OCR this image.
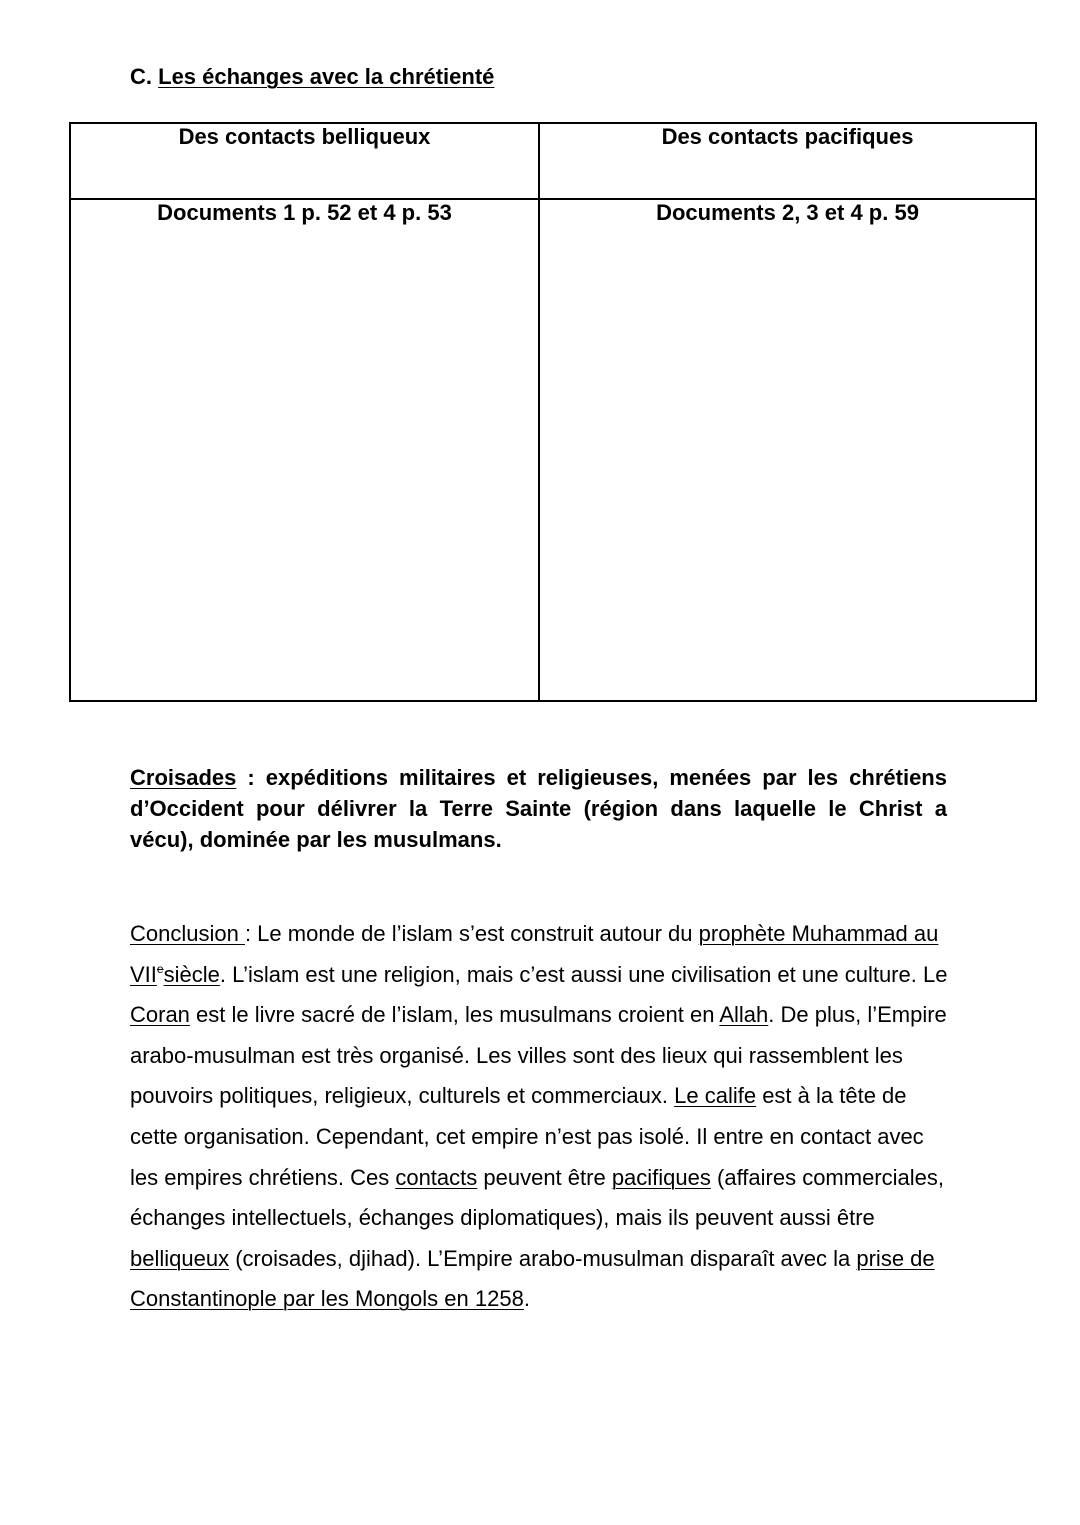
C. Les échanges avec la chrétienté
Des contacts belliqueux	Des contacts pacifiques
Documents 1 p. 52 et 4 p. 53	Documents 2, 3 et 4 p. 59

Croisades : expéditions militaires et religieuses, menées par les chrétiens d’Occident pour délivrer la Terre Sainte (région dans laquelle le Christ a vécu), dominée par les musulmans.

Conclusion : Le monde de l’islam s’est construit autour du prophète Muhammad au VIIesiècle. L’islam est une religion, mais c’est aussi une civilisation et une culture. Le Coran est le livre sacré de l’islam, les musulmans croient en Allah. De plus, l’Empire arabo-musulman est très organisé. Les villes sont des lieux qui rassemblent les pouvoirs politiques, religieux, culturels et commerciaux. Le calife est à la tête de cette organisation. Cependant, cet empire n’est pas isolé. Il entre en contact avec les empires chrétiens. Ces contacts peuvent être pacifiques (affaires commerciales, échanges intellectuels, échanges diplomatiques), mais ils peuvent aussi être belliqueux (croisades, djihad). L’Empire arabo-musulman disparaît avec la prise de Constantinople par les Mongols en 1258.
